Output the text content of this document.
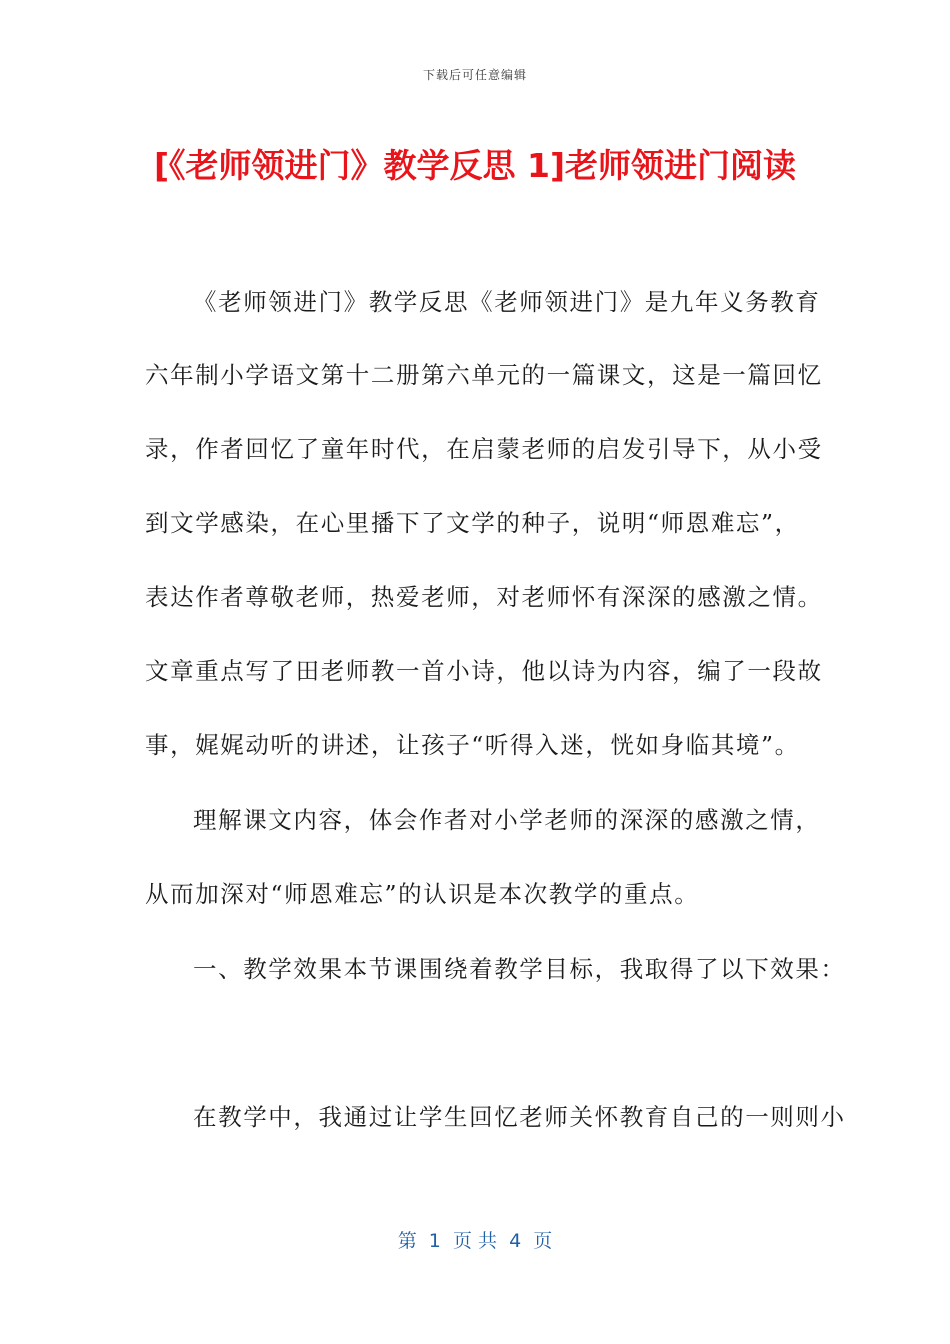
下载后可任意编辑
[《老师领进门》教学反思 1]老师领进门阅读
《老师领进门》教学反思《老师领进门》是九年义务教育
六年制小学语文第十二册第六单元的一篇课文，这是一篇回忆
录，作者回忆了童年时代，在启蒙老师的启发引导下，从小受
到文学感染，在心里播下了文学的种子，说明“师恩难忘”，
表达作者尊敬老师，热爱老师，对老师怀有深深的感激之情。
文章重点写了田老师教一首小诗，他以诗为内容，编了一段故
事，娓娓动听的讲述，让孩子“听得入迷，恍如身临其境”。
理解课文内容，体会作者对小学老师的深深的感激之情，
从而加深对“师恩难忘”的认识是本次教学的重点。
一、教学效果本节课围绕着教学目标，我取得了以下效果：
在教学中，我通过让学生回忆老师关怀教育自己的一则则小
第  1  页 共  4  页
